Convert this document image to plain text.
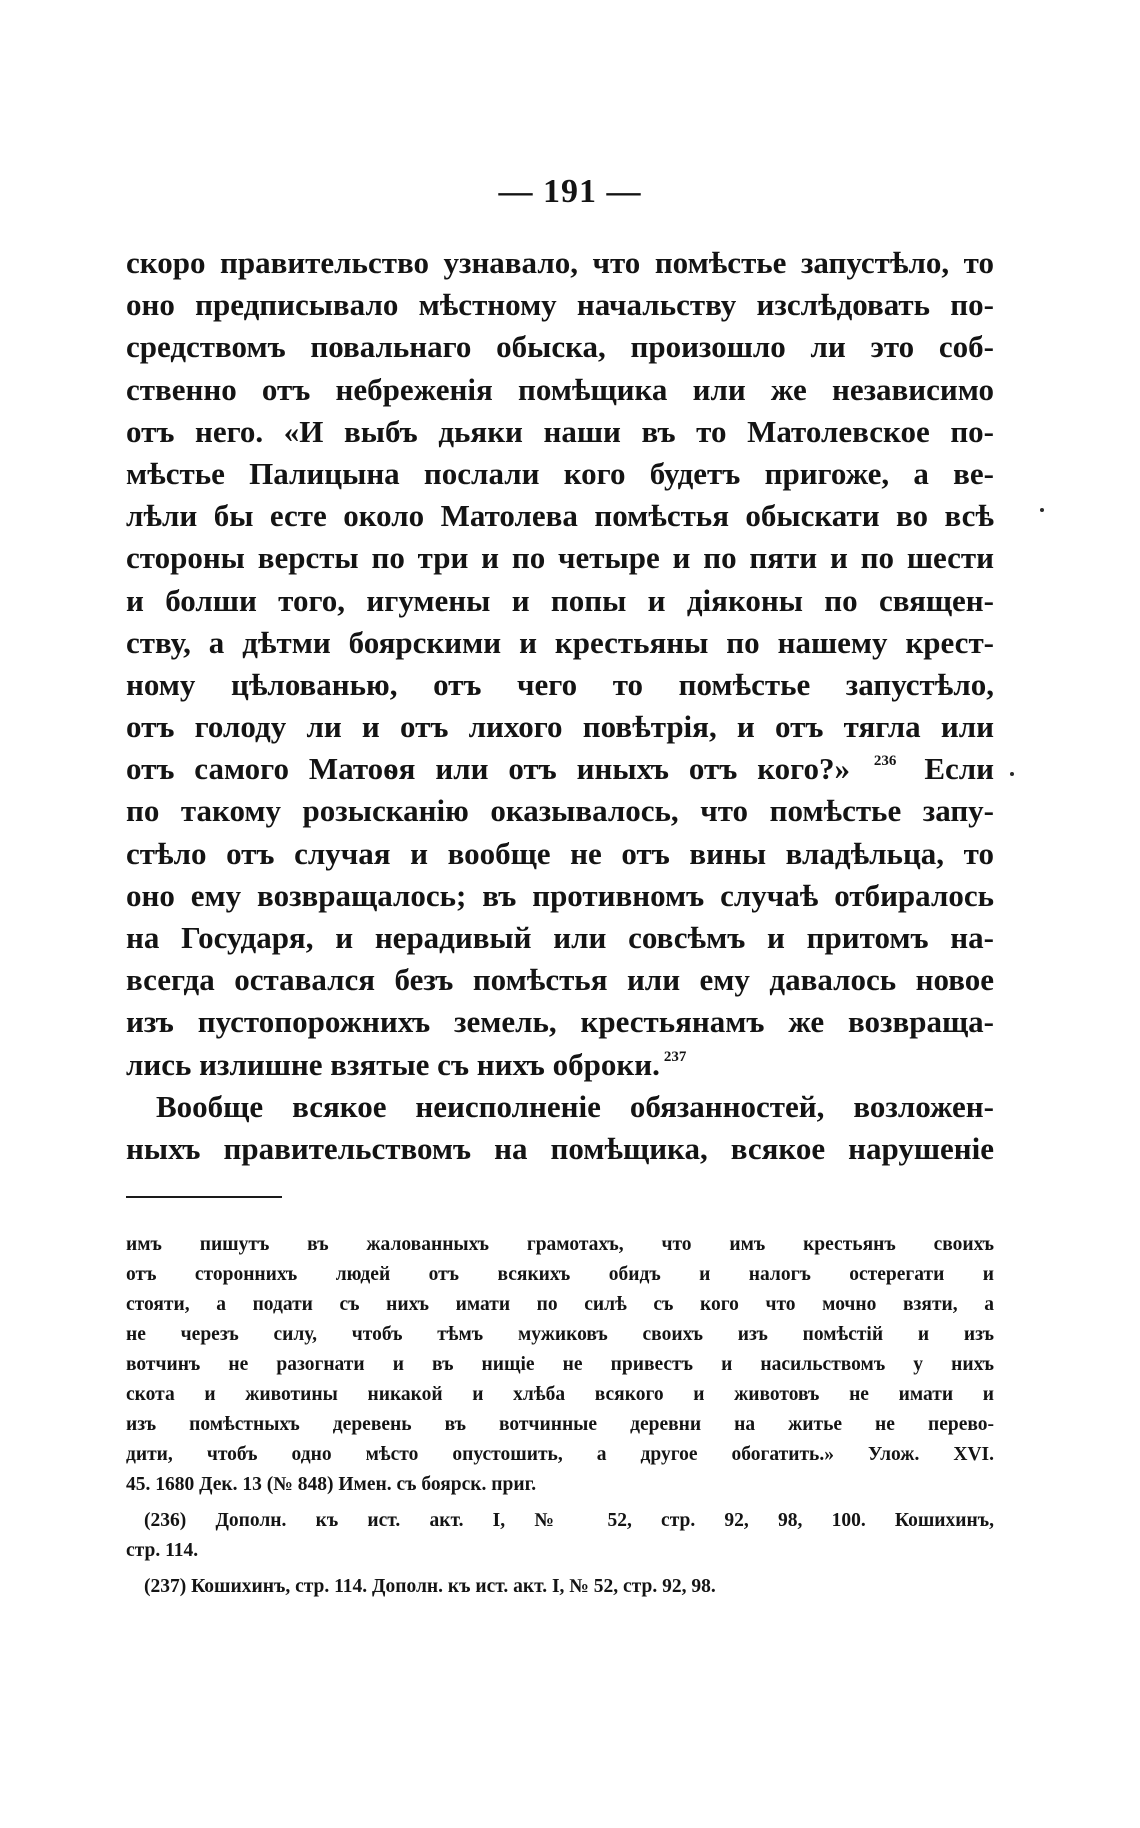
— 191 —
скоро правительство узнавало, что помѣстье запустѣло, то
оно предписывало мѣстному начальству изслѣдовать по-
средствомъ повальнаго обыска, произошло ли это соб-
ственно отъ небреженія помѣщика или же независимо
отъ него. «И выбъ дьяки наши въ то Матолевское по-
мѣстье Палицына послали кого будетъ пригоже, а ве-
лѣли бы есте около Матолева помѣстья обыскати во всѣ
стороны версты по три и по четыре и по пяти и по шести
и болши того, игумены и попы и діяконы по священ-
ству, а дѣтми боярскими и крестьяны по нашему крест-
ному цѣлованью, отъ чего то помѣстье запустѣло,
отъ голоду ли и отъ лихого повѣтрія, и отъ тягла или
отъ самого Матоѳя или отъ иныхъ отъ кого?» $^{236}$ Если
по такому розысканію оказывалось, что помѣстье запу-
стѣло отъ случая и вообще не отъ вины владѣльца, то
оно ему возвращалось; въ противномъ случаѣ отбиралось
на Государя, и нерадивый или совсѣмъ и притомъ на-
всегда оставался безъ помѣстья или ему давалось новое
изъ пустопорожнихъ земель, крестьянамъ же возвраща-
лись излишне взятые съ нихъ оброки. $^{237}$
Вообще всякое неисполненіе обязанностей, возложен-
ныхъ правительствомъ на помѣщика, всякое нарушеніе
имъ пишутъ въ жалованныхъ грамотахъ, что имъ крестьянъ своихъ
отъ стороннихъ людей отъ всякихъ обидъ и налогъ остерегати и
стояти, а подати съ нихъ имати по силѣ съ кого что мочно взяти, а
не черезъ силу, чтобъ тѣмъ мужиковъ своихъ изъ помѣстій и изъ
вотчинъ не разогнати и въ нищіе не привестъ и насильствомъ у нихъ
скота и животины никакой и хлѣба всякого и животовъ не имати и
изъ помѣстныхъ деревень въ вотчинные деревни на житье не перево-
дити, чтобъ одно мѣсто опустошить, а другое обогатить.» Улож. XVI.
45. 1680 Дек. 13 (№ 848) Имен. съ боярск. приг.
(236) Дополн. къ ист. акт. I, № 52, стр. 92, 98, 100. Кошихинъ,
стр. 114.
(237) Кошихинъ, стр. 114. Дополн. къ ист. акт. I, № 52, стр. 92, 98.
